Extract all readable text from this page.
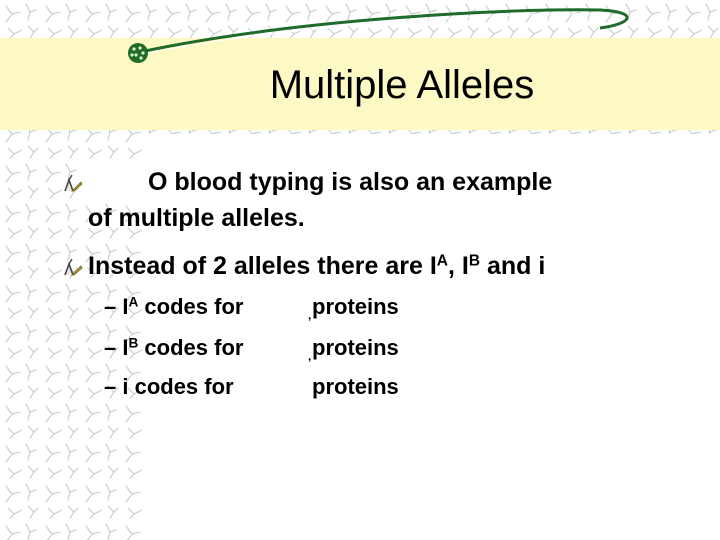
Multiple Alleles
O blood typing is also an example
of multiple alleles.
Instead of 2 alleles there are $I^A$, $I^B$ and i
– $I^A$ codes for	, proteins
– $I^B$ codes for	, proteins
– i codes for	proteins
